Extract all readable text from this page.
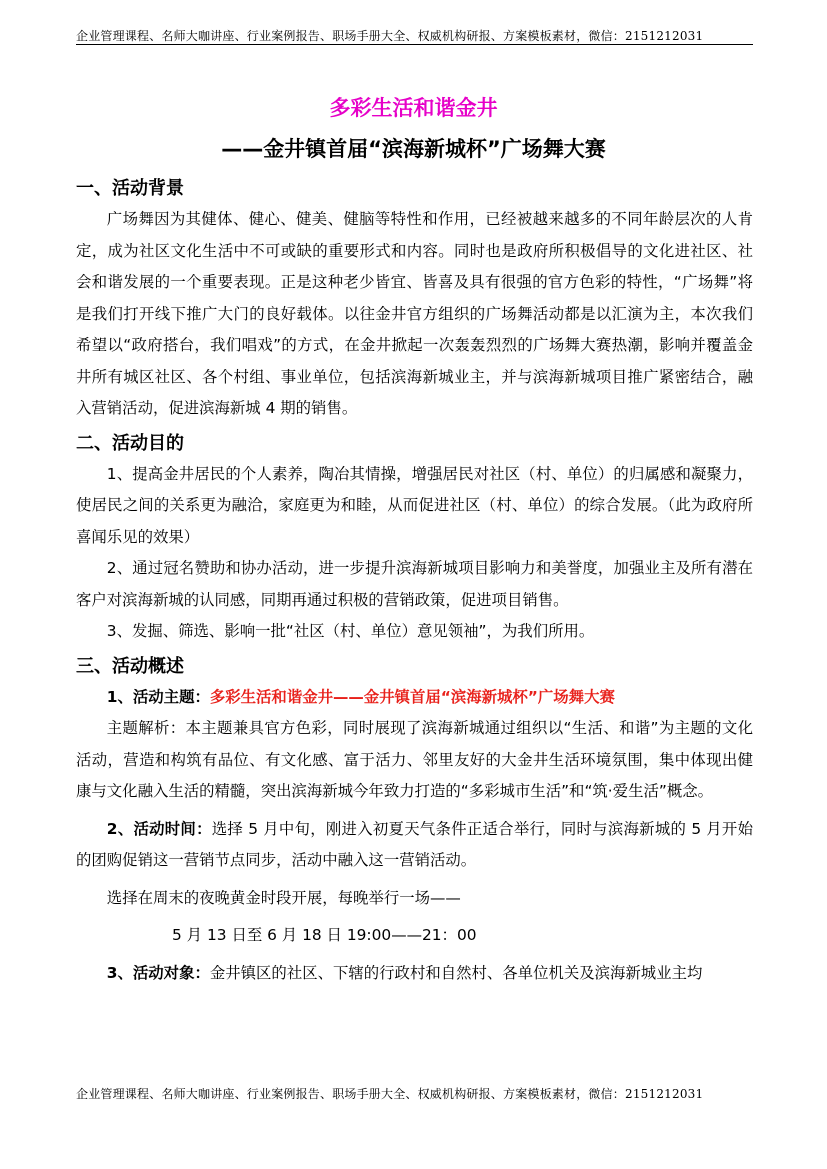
企业管理课程、名师大咖讲座、行业案例报告、职场手册大全、权威机构研报、方案模板素材，微信：2151212031
多彩生活和谐金井
——金井镇首届“滨海新城杯”广场舞大赛
一、活动背景

广场舞因为其健体、健心、健美、健脑等特性和作用，已经被越来越多的不同年龄层次的人肯定，成为社区文化生活中不可或缺的重要形式和内容。同时也是政府所积极倡导的文化进社区、社会和谐发展的一个重要表现。正是这种老少皆宜、皆喜及具有很强的官方色彩的特性，“广场舞”将是我们打开线下推广大门的良好载体。以往金井官方组织的广场舞活动都是以汇演为主，本次我们希望以“政府搭台，我们唱戏”的方式，在金井掀起一次轰轰烈烈的广场舞大赛热潮，影响并覆盖金井所有城区社区、各个村组、事业单位，包括滨海新城业主，并与滨海新城项目推广紧密结合，融入营销活动，促进滨海新城 4 期的销售。

二、活动目的

1、提高金井居民的个人素养，陶冶其情操，增强居民对社区（村、单位）的归属感和凝聚力，使居民之间的关系更为融洽，家庭更为和睦，从而促进社区（村、单位）的综合发展。（此为政府所喜闻乐见的效果）

2、通过冠名赞助和协办活动，进一步提升滨海新城项目影响力和美誉度，加强业主及所有潜在客户对滨海新城的认同感，同期再通过积极的营销政策，促进项目销售。

3、发掘、筛选、影响一批“社区（村、单位）意见领袖”，为我们所用。

三、活动概述

1、活动主题：多彩生活和谐金井——金井镇首届“滨海新城杯”广场舞大赛

主题解析：本主题兼具官方色彩，同时展现了滨海新城通过组织以“生活、和谐”为主题的文化活动，营造和构筑有品位、有文化感、富于活力、邻里友好的大金井生活环境氛围，集中体现出健康与文化融入生活的精髓，突出滨海新城今年致力打造的“多彩城市生活”和“筑·爱生活”概念。

2、活动时间：选择 5 月中旬，刚进入初夏天气条件正适合举行，同时与滨海新城的 5 月开始的团购促销这一营销节点同步，活动中融入这一营销活动。

选择在周末的夜晚黄金时段开展，每晚举行一场——

5 月 13 日至 6 月 18 日 19:00——21：00

3、活动对象：金井镇区的社区、下辖的行政村和自然村、各单位机关及滨海新城业主均

企业管理课程、名师大咖讲座、行业案例报告、职场手册大全、权威机构研报、方案模板素材，微信：2151212031
